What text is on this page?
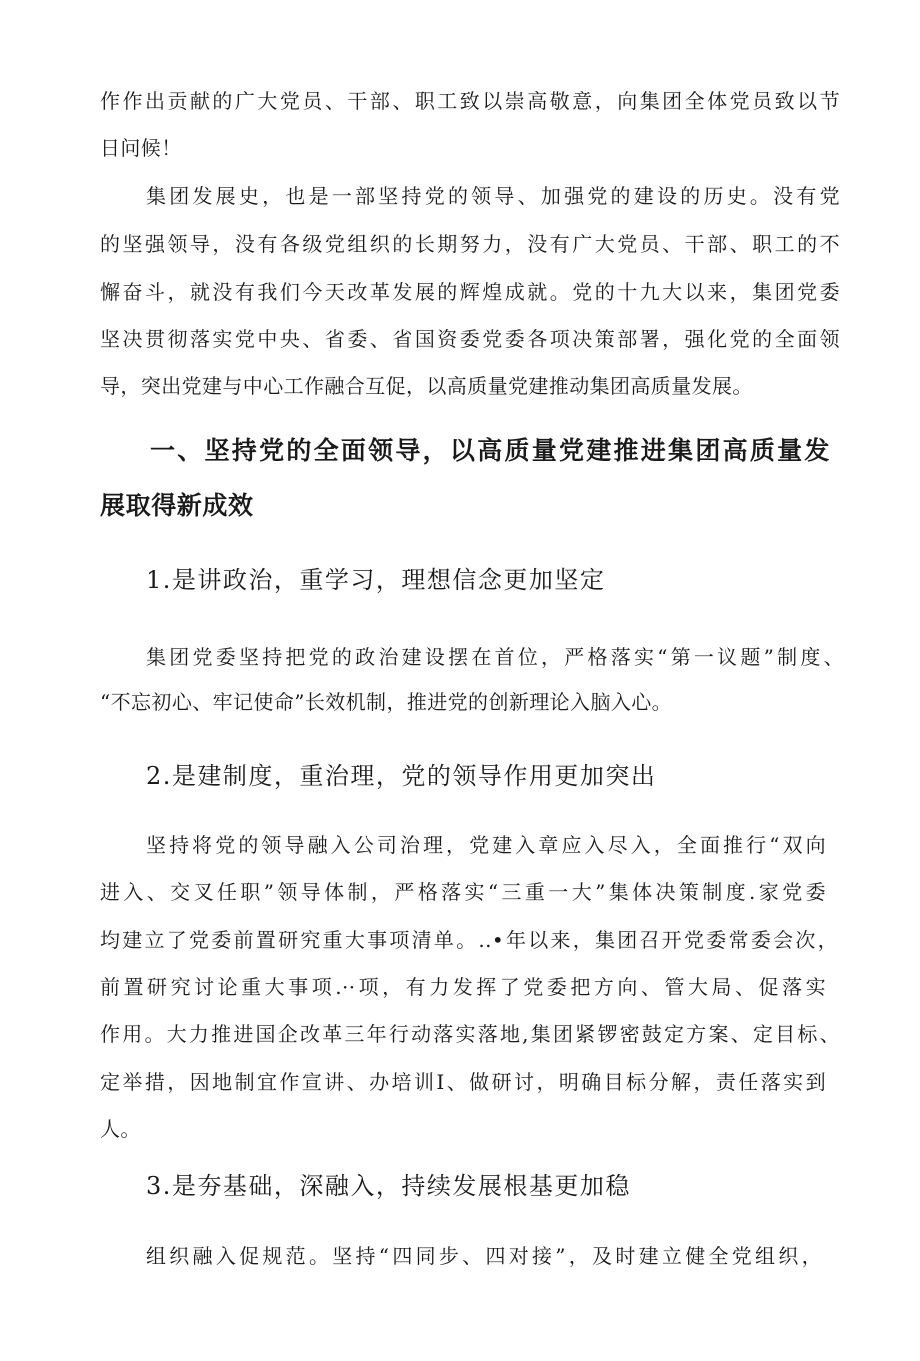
作作出贡献的广大党员、干部、职工致以崇高敬意，向集团全体党员致以节
日问候！
集团发展史，也是一部坚持党的领导、加强党的建设的历史。没有党
的坚强领导，没有各级党组织的长期努力，没有广大党员、干部、职工的不
懈奋斗，就没有我们今天改革发展的辉煌成就。党的十九大以来，集团党委
坚决贯彻落实党中央、省委、省国资委党委各项决策部署，强化党的全面领
导，突出党建与中心工作融合互促，以高质量党建推动集团高质量发展。
一、坚持党的全面领导，以高质量党建推进集团高质量发
展取得新成效
1.是讲政治，重学习，理想信念更加坚定
集团党委坚持把党的政治建设摆在首位，严格落实“第一议题”制度、
“不忘初心、牢记使命”长效机制，推进党的创新理论入脑入心。
2.是建制度，重治理，党的领导作用更加突出
坚持将党的领导融入公司治理，党建入章应入尽入，全面推行“双向
进入、交叉任职”领导体制，严格落实“三重一大”集体决策制度.家党委
均建立了党委前置研究重大事项清单。..•年以来，集团召开党委常委会次，
前置研究讨论重大事项.··项，有力发挥了党委把方向、管大局、促落实
作用。大力推进国企改革三年行动落实落地,集团紧锣密鼓定方案、定目标、
定举措，因地制宜作宣讲、办培训I、做研讨，明确目标分解，责任落实到
人。
3.是夯基础，深融入，持续发展根基更加稳
组织融入促规范。坚持“四同步、四对接”，及时建立健全党组织，
